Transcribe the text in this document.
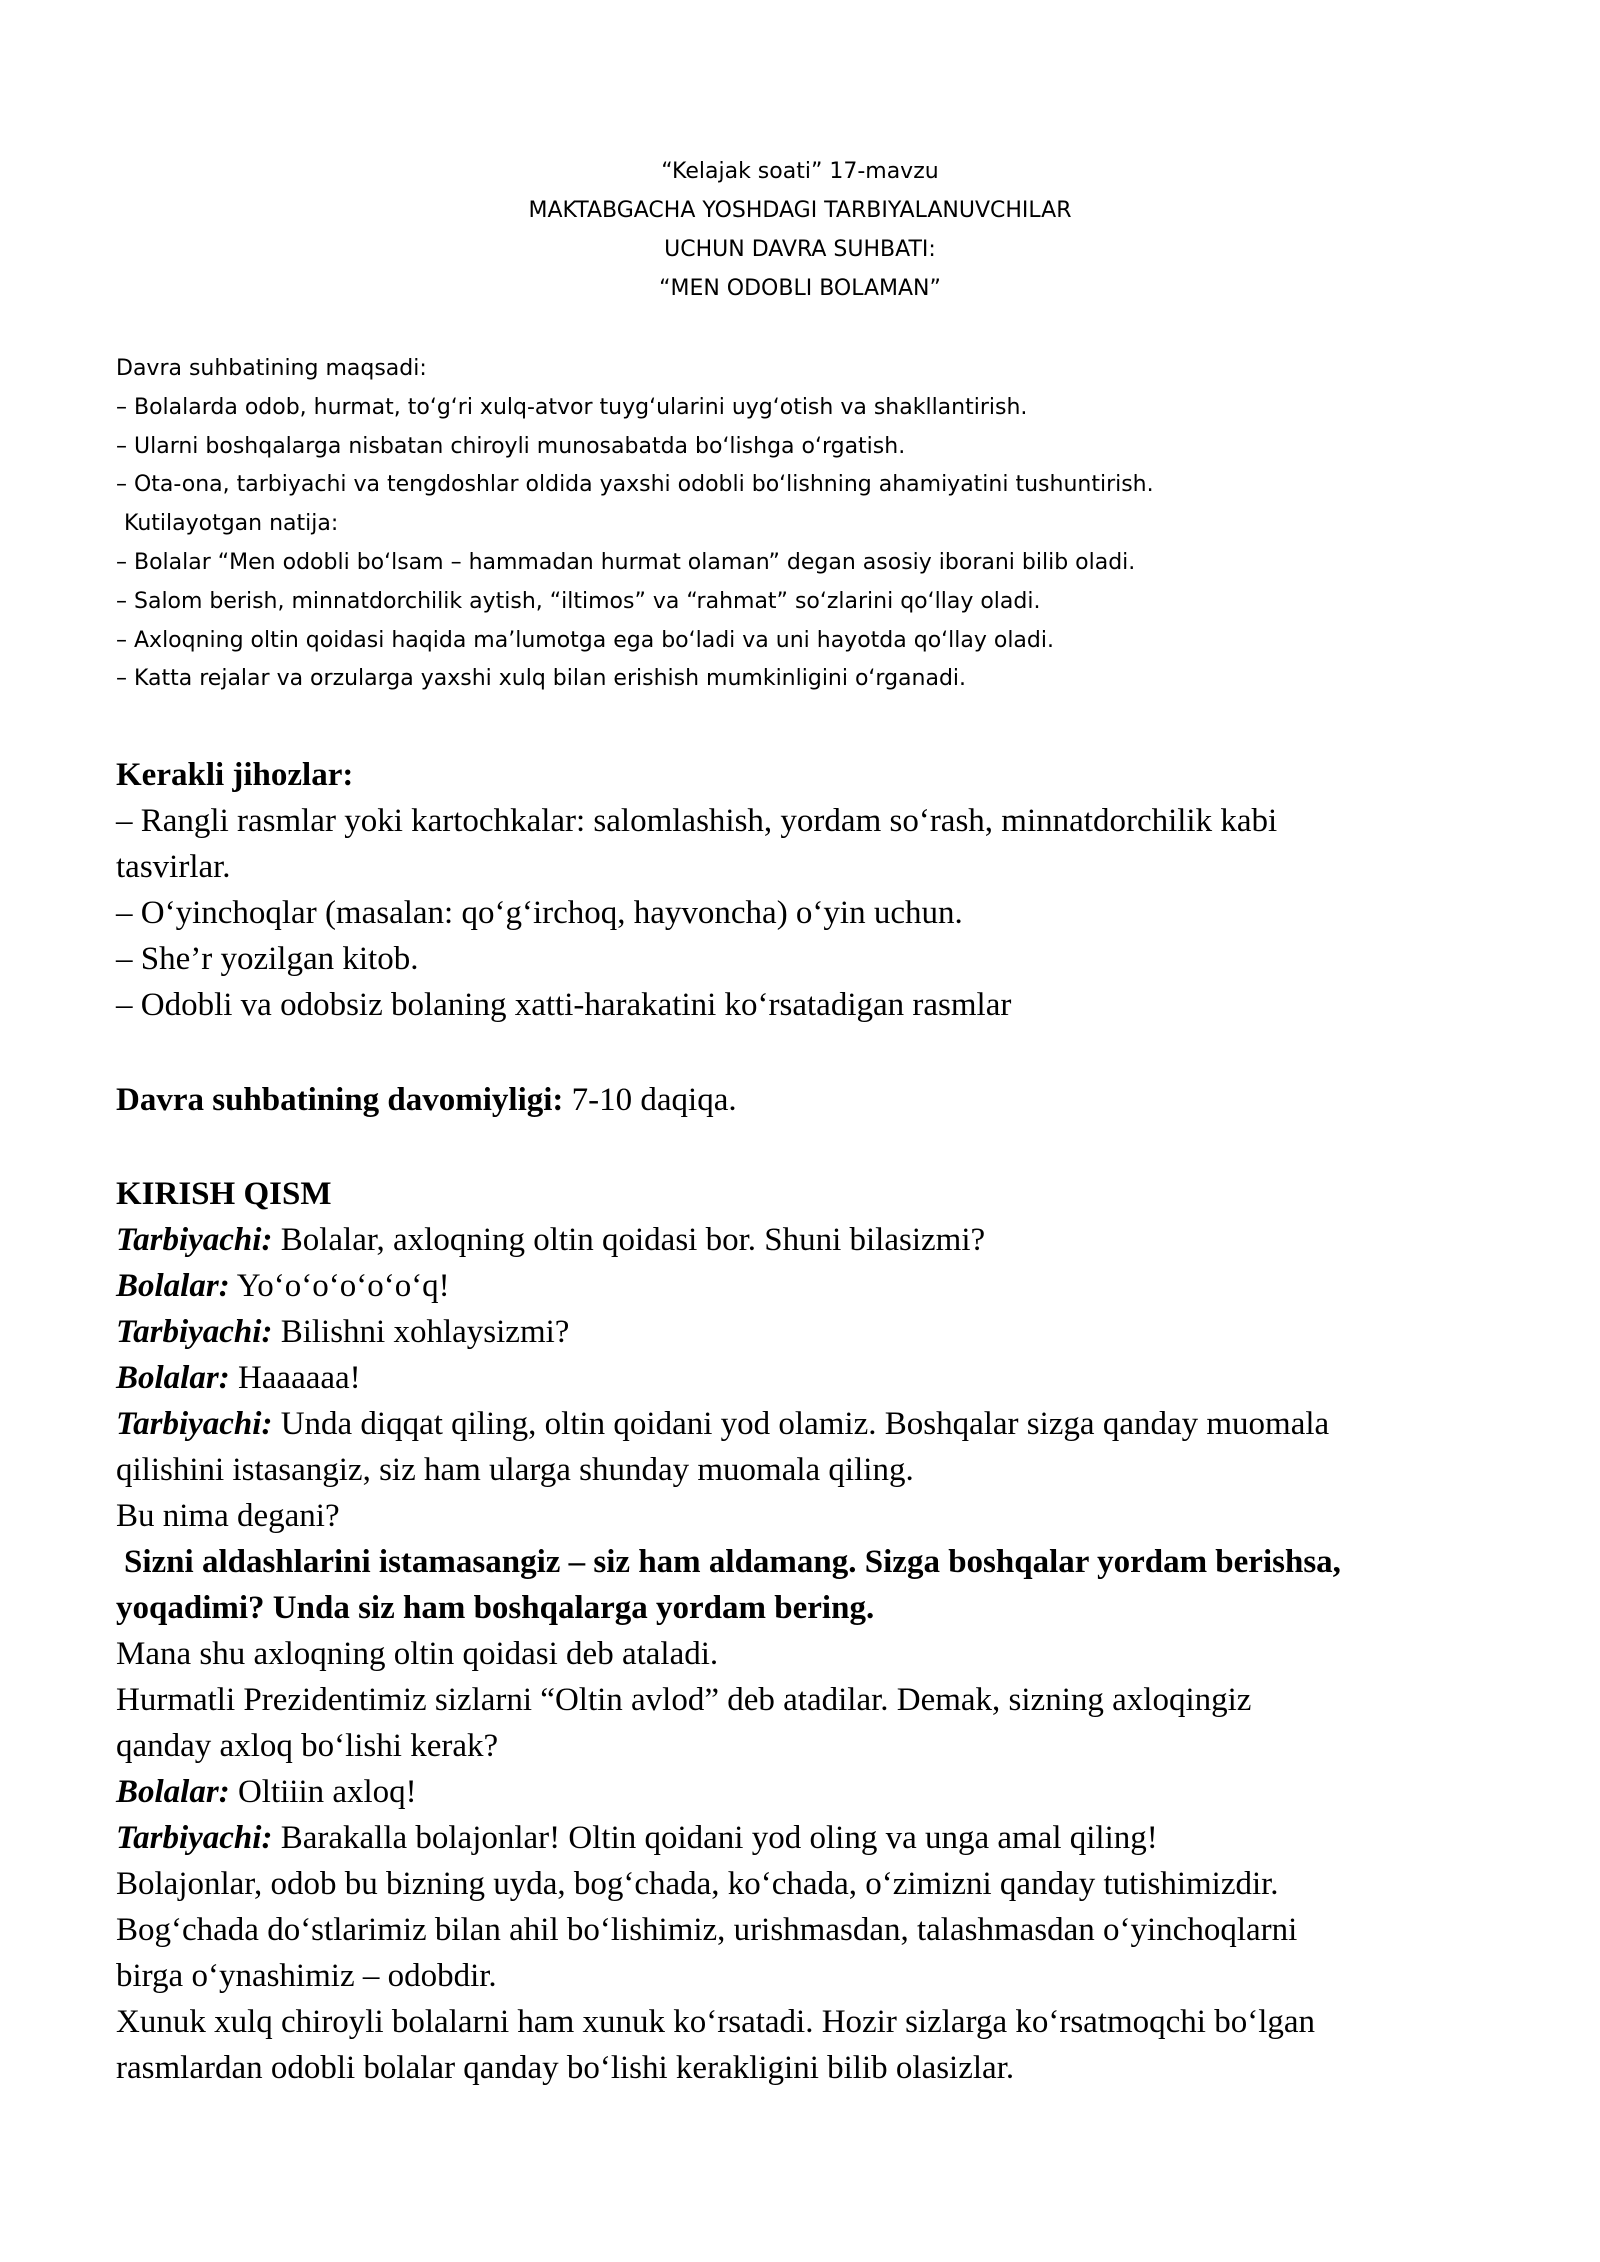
“Kelajak soati” 17-mavzu
MAKTABGACHA YOSHDAGI TARBIYALANUVCHILAR
UCHUN DAVRA SUHBATI:
“MEN ODOBLI BOLAMAN”
Davra suhbatining maqsadi:
– Bolalarda odob, hurmat, to‘g‘ri xulq-atvor tuyg‘ularini uyg‘otish va shakllantirish.
– Ularni boshqalarga nisbatan chiroyli munosabatda bo‘lishga o‘rgatish.
– Ota-ona, tarbiyachi va tengdoshlar oldida yaxshi odobli bo‘lishning ahamiyatini tushuntirish.
Kutilayotgan natija:
– Bolalar “Men odobli bo‘lsam – hammadan hurmat olaman” degan asosiy iborani bilib oladi.
– Salom berish, minnatdorchilik aytish, “iltimos” va “rahmat” so‘zlarini qo‘llay oladi.
– Axloqning oltin qoidasi haqida ma’lumotga ega bo‘ladi va uni hayotda qo‘llay oladi.
– Katta rejalar va orzularga yaxshi xulq bilan erishish mumkinligini o‘rganadi.
Kerakli jihozlar:
– Rangli rasmlar yoki kartochkalar: salomlashish, yordam so‘rash, minnatdorchilik kabi
tasvirlar.
– O‘yinchoqlar (masalan: qo‘g‘irchoq, hayvoncha) o‘yin uchun.
– She’r yozilgan kitob.
– Odobli va odobsiz bolaning xatti-harakatini ko‘rsatadigan rasmlar
Davra suhbatining davomiyligi: 7-10 daqiqa.
KIRISH QISM
Tarbiyachi: Bolalar, axloqning oltin qoidasi bor. Shuni bilasizmi?
Bolalar: Yo‘o‘o‘o‘o‘o‘q!
Tarbiyachi: Bilishni xohlaysizmi?
Bolalar: Haaaaaa!
Tarbiyachi: Unda diqqat qiling, oltin qoidani yod olamiz. Boshqalar sizga qanday muomala
qilishini istasangiz, siz ham ularga shunday muomala qiling.
Bu nima degani?
Sizni aldashlarini istamasangiz – siz ham aldamang. Sizga boshqalar yordam berishsa,
yoqadimi? Unda siz ham boshqalarga yordam bering.
Mana shu axloqning oltin qoidasi deb ataladi.
Hurmatli Prezidentimiz sizlarni “Oltin avlod” deb atadilar. Demak, sizning axloqingiz
qanday axloq bo‘lishi kerak?
Bolalar: Oltiiin axloq!
Tarbiyachi: Barakalla bolajonlar! Oltin qoidani yod oling va unga amal qiling!
Bolajonlar, odob bu bizning uyda, bog‘chada, ko‘chada, o‘zimizni qanday tutishimizdir.
Bog‘chada do‘stlarimiz bilan ahil bo‘lishimiz, urishmasdan, talashmasdan o‘yinchoqlarni
birga o‘ynashimiz – odobdir.
Xunuk xulq chiroyli bolalarni ham xunuk ko‘rsatadi. Hozir sizlarga ko‘rsatmoqchi bo‘lgan
rasmlardan odobli bolalar qanday bo‘lishi kerakligini bilib olasizlar.
